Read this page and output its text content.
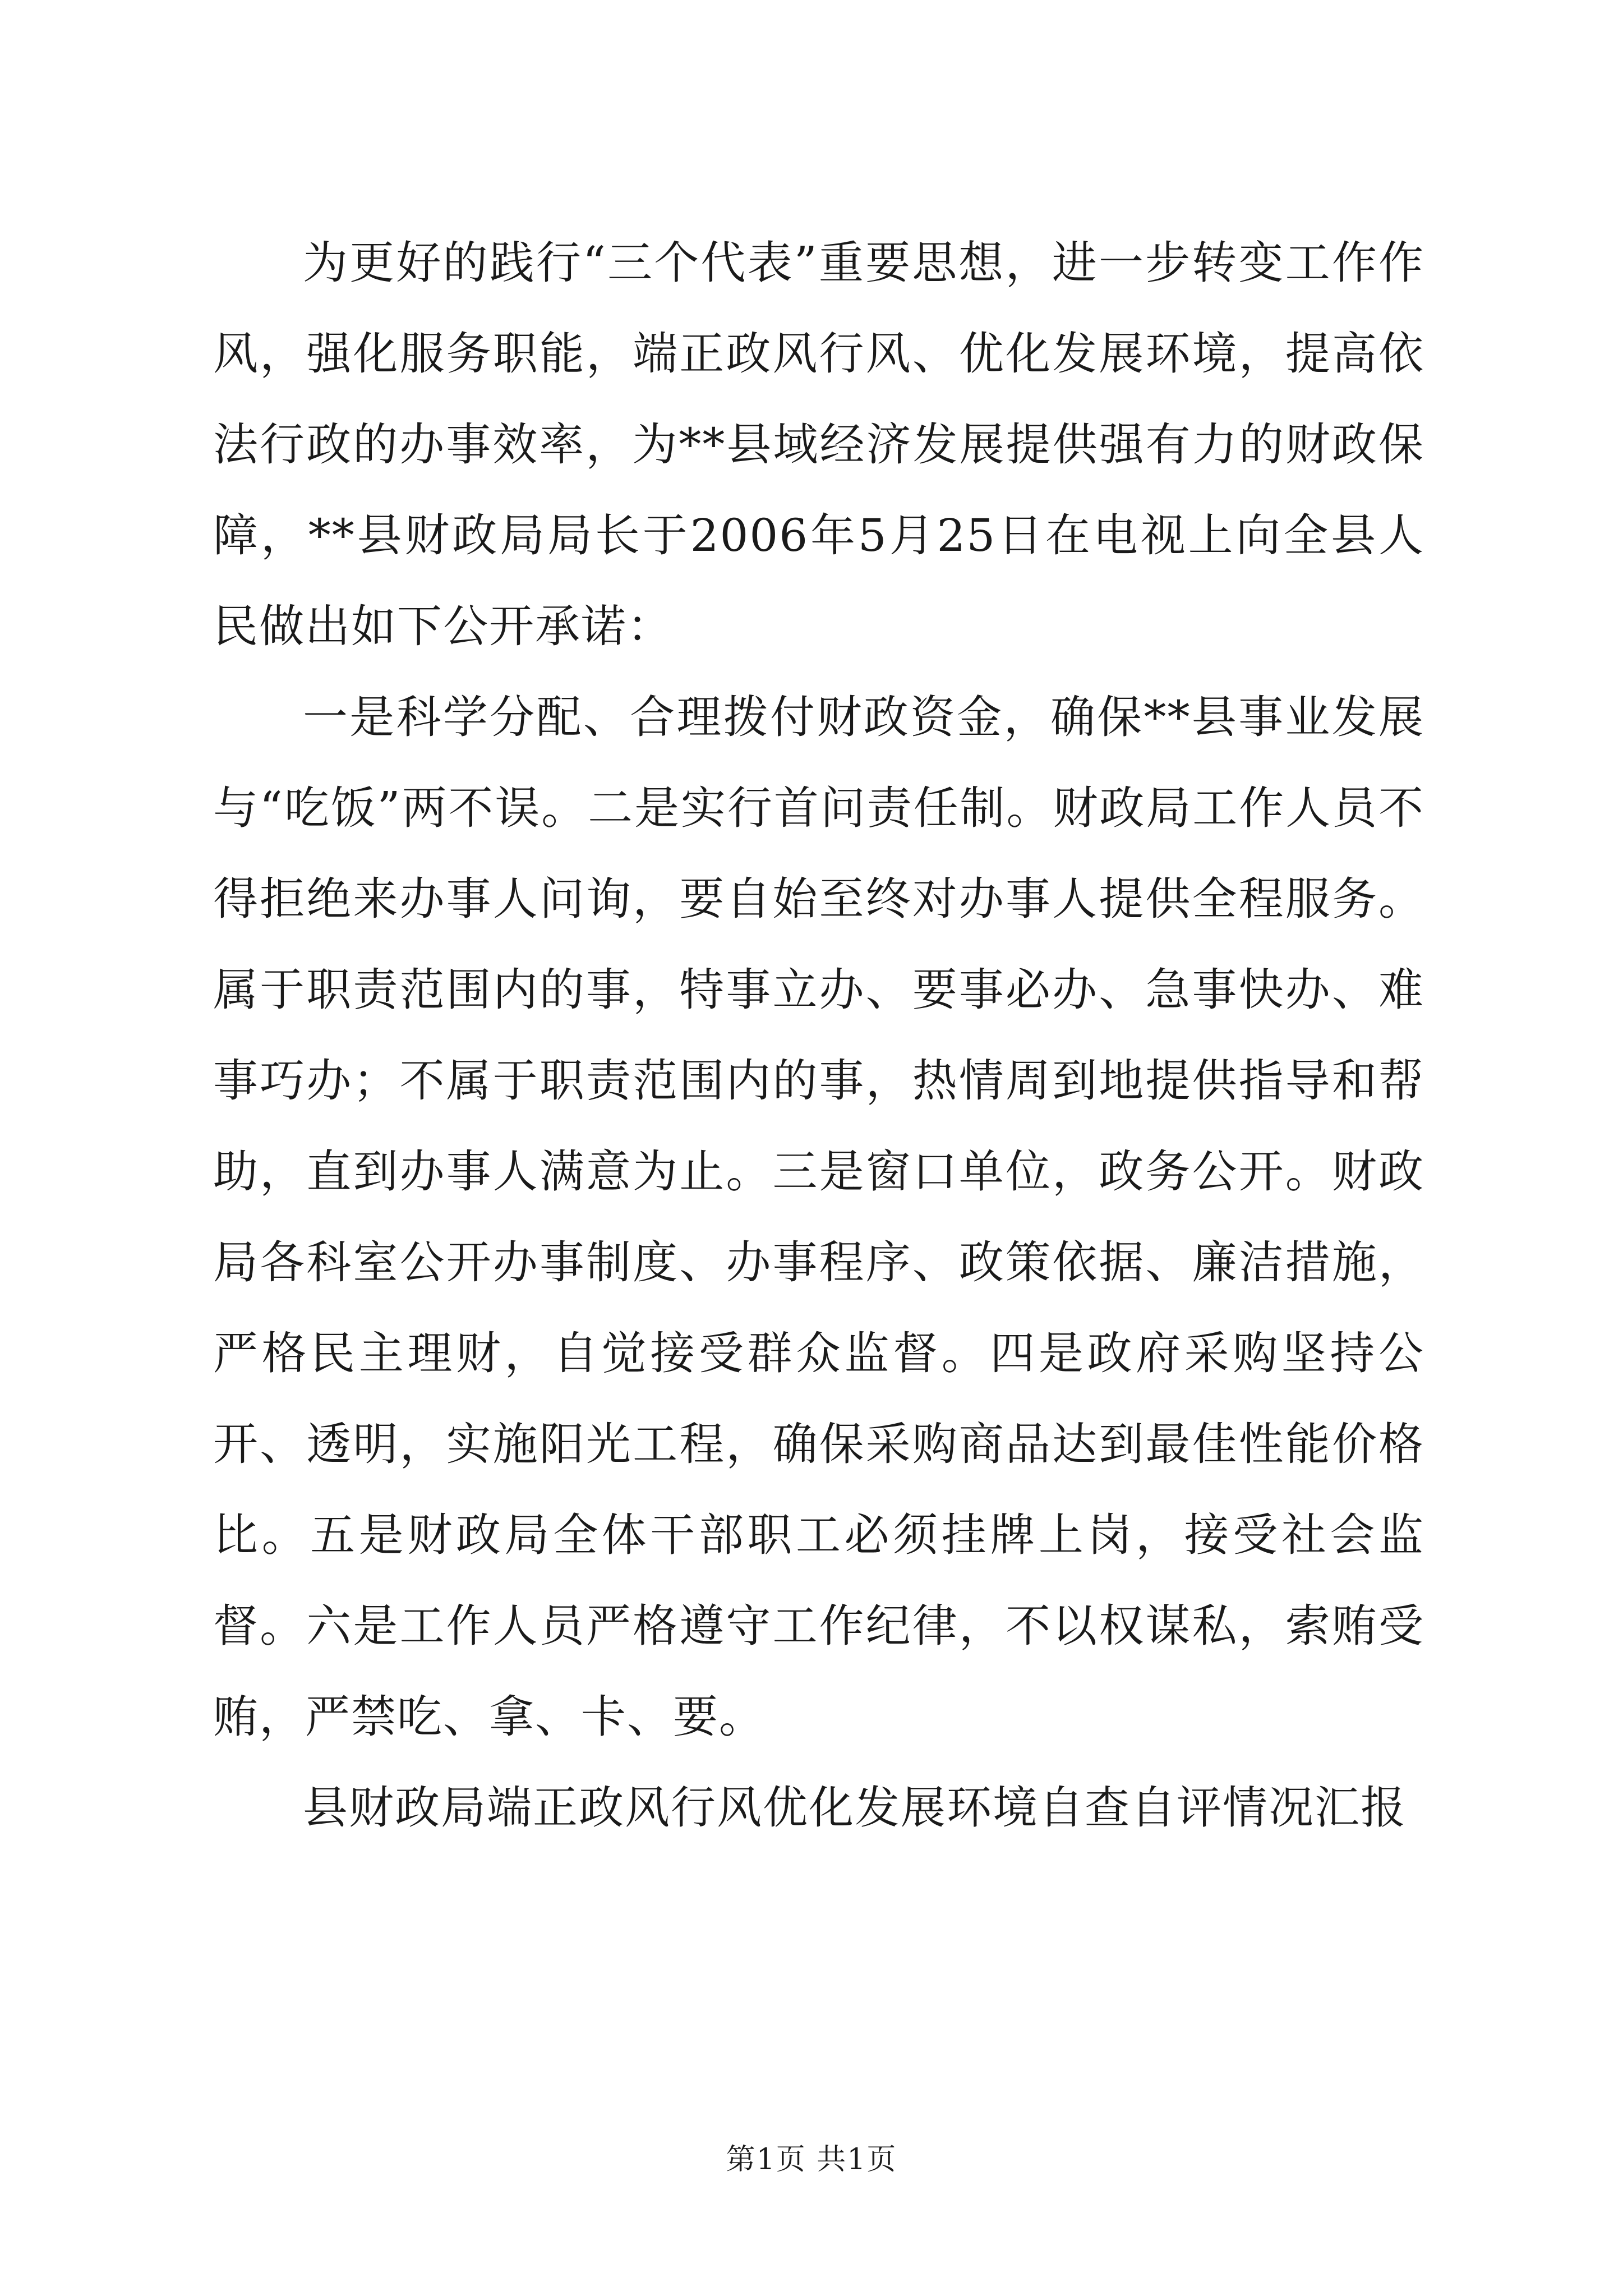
为更好的践行“三个代表”重要思想，进一步转变工作作风，强化服务职能，端正政风行风、优化发展环境，提高依法行政的办事效率，为**县域经济发展提供强有力的财政保障，**县财政局局长于2006年5月25日在电视上向全县人民做出如下公开承诺：

一是科学分配、合理拨付财政资金，确保**县事业发展与“吃饭”两不误。二是实行首问责任制。财政局工作人员不得拒绝来办事人问询，要自始至终对办事人提供全程服务。属于职责范围内的事，特事立办、要事必办、急事快办、难事巧办；不属于职责范围内的事，热情周到地提供指导和帮助，直到办事人满意为止。三是窗口单位，政务公开。财政局各科室公开办事制度、办事程序、政策依据、廉洁措施，严格民主理财，自觉接受群众监督。四是政府采购坚持公开、透明，实施阳光工程，确保采购商品达到最佳性能价格比。五是财政局全体干部职工必须挂牌上岗，接受社会监督。六是工作人员严格遵守工作纪律，不以权谋私，索贿受贿，严禁吃、拿、卡、要。

县财政局端正政风行风优化发展环境自查自评情况汇报

第1页 共1页
